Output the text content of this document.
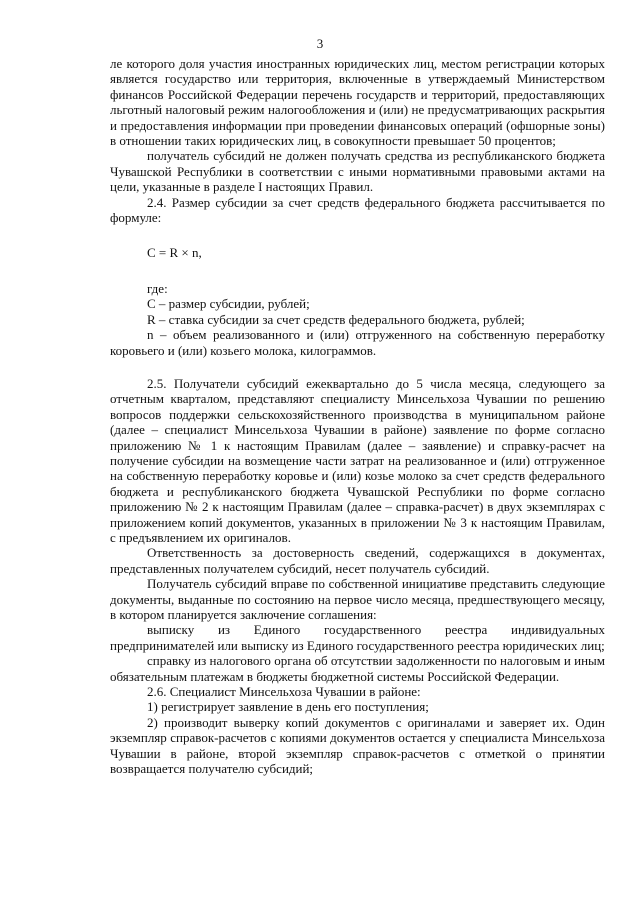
3

ле которого доля участия иностранных юридических лиц, местом регистрации которых является государство или территория, включенные в утверждаемый Министерством финансов Российской Федерации перечень государств и территорий, предоставляющих льготный налоговый режим налогообложения и (или) не предусматривающих раскрытия и предоставления информации при проведении финансовых операций (офшорные зоны) в отношении таких юридических лиц, в совокупности превышает 50 процентов;

получатель субсидий не должен получать средства из республиканского бюджета Чувашской Республики в соответствии с иными нормативными правовыми актами на цели, указанные в разделе I настоящих Правил.

2.4. Размер субсидии за счет средств федерального бюджета рассчитывается по формуле:

C = R × n,

где:

С – размер субсидии, рублей;

R – ставка субсидии за счет средств федерального бюджета, рублей;

n – объем реализованного и (или) отгруженного на собственную переработку коровьего и (или) козьего молока, килограммов.

2.5. Получатели субсидий ежеквартально до 5 числа месяца, следующего за отчетным кварталом, представляют специалисту Минсельхоза Чувашии по решению вопросов поддержки сельскохозяйственного производства в муниципальном районе (далее – специалист Минсельхоза Чувашии в районе) заявление по форме согласно приложению № 1 к настоящим Правилам (далее – заявление) и справку-расчет на получение субсидии на возмещение части затрат на реализованное и (или) отгруженное на собственную переработку коровье и (или) козье молоко за счет средств федерального бюджета и республиканского бюджета Чувашской Республики по форме согласно приложению № 2 к настоящим Правилам (далее – справка-расчет) в двух экземплярах с приложением копий документов, указанных в приложении № 3 к настоящим Правилам, с предъявлением их оригиналов.

Ответственность за достоверность сведений, содержащихся в документах, представленных получателем субсидий, несет получатель субсидий.

Получатель субсидий вправе по собственной инициативе представить следующие документы, выданные по состоянию на первое число месяца, предшествующего месяцу, в котором планируется заключение соглашения:

выписку из Единого государственного реестра индивидуальных предпринимателей или выписку из Единого государственного реестра юридических лиц;

справку из налогового органа об отсутствии задолженности по налоговым и иным обязательным платежам в бюджеты бюджетной системы Российской Федерации.

2.6. Специалист Минсельхоза Чувашии в районе:

1) регистрирует заявление в день его поступления;

2) производит выверку копий документов с оригиналами и заверяет их. Один экземпляр справок-расчетов с копиями документов остается у специалиста Минсельхоза Чувашии в районе, второй экземпляр справок-расчетов с отметкой о принятии возвращается получателю субсидий;
